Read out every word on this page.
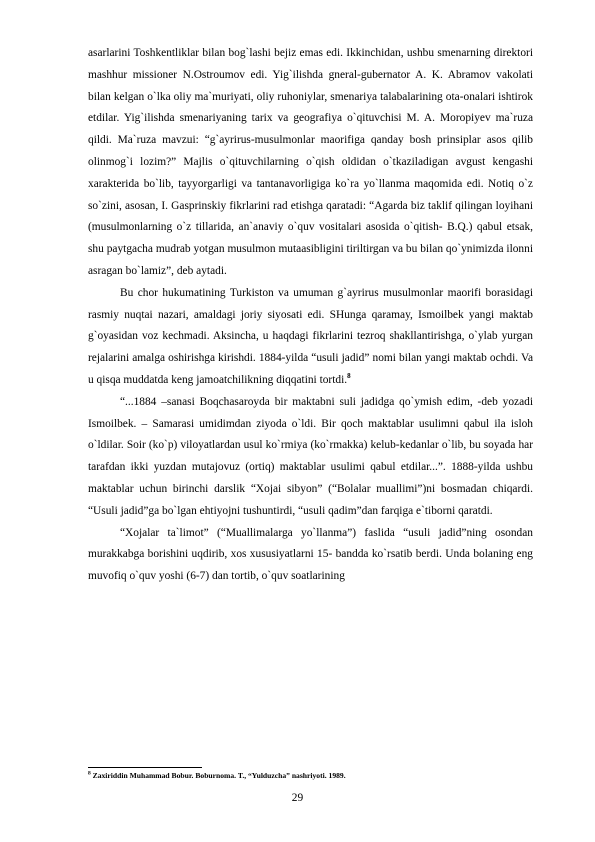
asarlarini Toshkentliklar bilan bog`lashi bejiz emas edi. Ikkinchidan, ushbu smenarning direktori mashhur missioner N.Ostroumov edi. Yig`ilishda gneral-gubernator A. K. Abramov vakolati bilan kelgan o`lka oliy ma`muriyati, oliy ruhoniylar, smenariya talabalarining ota-onalari ishtirok etdilar. Yig`ilishda smenariyaning tarix va geografiya o`qituvchisi M. A. Moropiyev ma`ruza qildi. Ma`ruza mavzui: “g`ayrirus-musulmonlar maorifiga qanday bosh prinsiplar asos qilib olinmog`i lozim?” Majlis o`qituvchilarning o`qish oldidan o`tkaziladigan avgust kengashi xarakterida bo`lib, tayyorgarligi va tantanavorligiga ko`ra yo`llanma maqomida edi. Notiq o`z so`zini, asosan, I. Gasprinskiy fikrlarini rad etishga qaratadi: “Agarda biz taklif qilingan loyihani (musulmonlarning o`z tillarida, an`anaviy o`quv vositalari asosida o`qitish- B.Q.) qabul etsak, shu paytgacha mudrab yotgan musulmon mutaasibligini tiriltirgan va bu bilan qo`ynimizda ilonni asragan bo`lamiz”, deb aytadi.

Bu chor hukumatining Turkiston va umuman g`ayrirus musulmonlar maorifi borasidagi rasmiy nuqtai nazari, amaldagi joriy siyosati edi. SHunga qaramay, Ismoilbek yangi maktab g`oyasidan voz kechmadi. Aksincha, u haqdagi fikrlarini tezroq shakllantirishga, o`ylab yurgan rejalarini amalga oshirishga kirishdi. 1884-yilda “usuli jadid” nomi bilan yangi maktab ochdi. Va u qisqa muddatda keng jamoatchilikning diqqatini tortdi.$^8$

“...1884 –sanasi Boqchasaroyda bir maktabni suli jadidga qo`ymish edim, -deb yozadi Ismoilbek. – Samarasi umidimdan ziyoda o`ldi. Bir qoch maktablar usulimni qabul ila isloh o`ldilar. Soir (ko`p) viloyatlardan usul ko`rmiya (ko`rmakka) kelub-kedanlar o`lib, bu soyada har tarafdan ikki yuzdan mutajovuz (ortiq) maktablar usulimi qabul etdilar...”. 1888-yilda ushbu maktablar uchun birinchi darslik “Xojai sibyon” (“Bolalar muallimi”)ni bosmadan chiqardi. “Usuli jadid”ga bo`lgan ehtiyojni tushuntirdi, “usuli qadim”dan farqiga e`tiborni qaratdi.

“Xojalar ta`limot” (“Muallimalarga yo`llanma”) faslida “usuli jadid”ning osondan murakkabga borishini uqdirib, xos xususiyatlarni 15- bandda ko`rsatib berdi. Unda bolaning eng muvofiq o`quv yoshi (6-7) dan tortib, o`quv soatlarining

$^8$ Zaxiriddin Muhammad Bobur. Boburnoma. T., “Yulduzcha” nashriyoti. 1989.
29
